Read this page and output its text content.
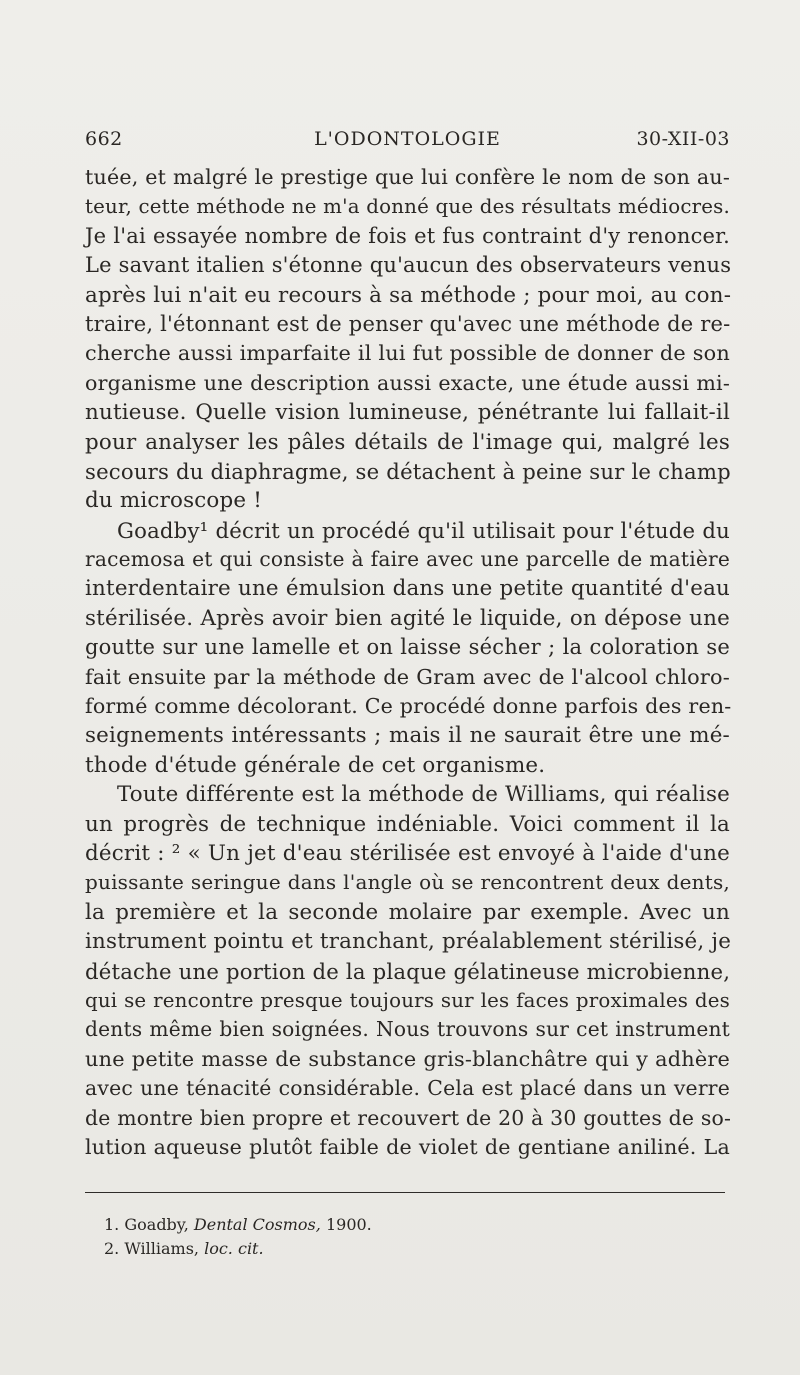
662	L'ODONTOLOGIE	30-XII-03
tuée, et malgré le prestige que lui confère le nom de son au-
teur, cette méthode ne m'a donné que des résultats médiocres.
Je l'ai essayée nombre de fois et fus contraint d'y renoncer.
Le savant italien s'étonne qu'aucun des observateurs venus
après lui n'ait eu recours à sa méthode ; pour moi, au con-
traire, l'étonnant est de penser qu'avec une méthode de re-
cherche aussi imparfaite il lui fut possible de donner de son
organisme une description aussi exacte, une étude aussi mi-
nutieuse. Quelle vision lumineuse, pénétrante lui fallait-il
pour analyser les pâles détails de l'image qui, malgré les
secours du diaphragme, se détachent à peine sur le champ
du microscope !
Goadby¹ décrit un procédé qu'il utilisait pour l'étude du
racemosa et qui consiste à faire avec une parcelle de matière
interdentaire une émulsion dans une petite quantité d'eau
stérilisée. Après avoir bien agité le liquide, on dépose une
goutte sur une lamelle et on laisse sécher ; la coloration se
fait ensuite par la méthode de Gram avec de l'alcool chloro-
formé comme décolorant. Ce procédé donne parfois des ren-
seignements intéressants ; mais il ne saurait être une mé-
thode d'étude générale de cet organisme.
Toute différente est la méthode de Williams, qui réalise
un progrès de technique indéniable. Voici comment il la
décrit : ² « Un jet d'eau stérilisée est envoyé à l'aide d'une
puissante seringue dans l'angle où se rencontrent deux dents,
la première et la seconde molaire par exemple. Avec un
instrument pointu et tranchant, préalablement stérilisé, je
détache une portion de la plaque gélatineuse microbienne,
qui se rencontre presque toujours sur les faces proximales des
dents même bien soignées. Nous trouvons sur cet instrument
une petite masse de substance gris-blanchâtre qui y adhère
avec une ténacité considérable. Cela est placé dans un verre
de montre bien propre et recouvert de 20 à 30 gouttes de so-
lution aqueuse plutôt faible de violet de gentiane aniliné. La
1. Goadby, Dental Cosmos, 1900.
2. Williams, loc. cit.
